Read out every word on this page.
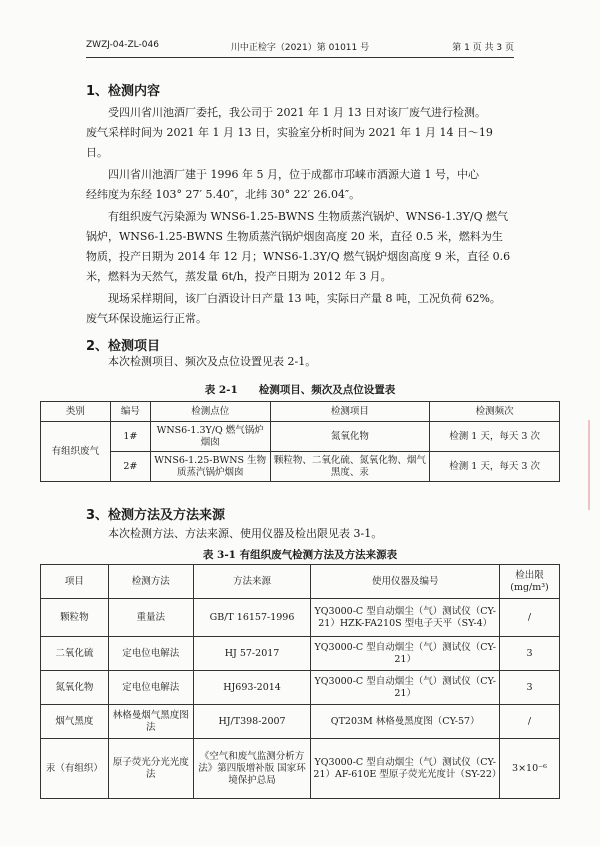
ZWZJ-04-ZL-046	川中正检字（2021）第 01011 号	第 1 页 共 3 页
1、检测内容
　　受四川省川池酒厂委托，我公司于 2021 年 1 月 13 日对该厂废气进行检测。
废气采样时间为 2021 年 1 月 13 日，实验室分析时间为 2021 年 1 月 14 日～19
日。
　　四川省川池酒厂建于 1996 年 5 月，位于成都市邛崃市酒源大道 1 号，中心
经纬度为东经 103° 27′ 5.40″，北纬 30° 22′ 26.04″。
　　有组织废气污染源为 WNS6-1.25-BWNS 生物质蒸汽锅炉、WNS6-1.3Y/Q 燃气
锅炉，WNS6-1.25-BWNS 生物质蒸汽锅炉烟囱高度 20 米，直径 0.5 米，燃料为生
物质，投产日期为 2014 年 12 月；WNS6-1.3Y/Q 燃气锅炉烟囱高度 9 米，直径 0.6
米，燃料为天然气，蒸发量 6t/h，投产日期为 2012 年 3 月。
　　现场采样期间，该厂白酒设计日产量 13 吨，实际日产量 8 吨，工况负荷 62%。
废气环保设施运行正常。
2、检测项目
　　本次检测项目、频次及点位设置见表 2-1。
表 2-1　　检测项目、频次及点位设置表
类别	编号	检测点位	检测项目	检测频次
有组织废气	1#	WNS6-1.3Y/Q 燃气锅炉烟囱	氮氧化物	检测 1 天，每天 3 次
	2#	WNS6-1.25-BWNS 生物质蒸汽锅炉烟囱	颗粒物、二氧化硫、氮氧化物、烟气黑度、汞	检测 1 天，每天 3 次
3、检测方法及方法来源
　　本次检测方法、方法来源、使用仪器及检出限见表 3-1。
表 3-1 有组织废气检测方法及方法来源表
项目	检测方法	方法来源	使用仪器及编号	检出限
(mg/m³)
颗粒物	重量法	GB/T 16157-1996	YQ3000-C 型自动烟尘（气）测试仪（CY-21）HZK-FA210S 型电子天平（SY-4）	/
二氧化硫	定电位电解法	HJ 57-2017	YQ3000-C 型自动烟尘（气）测试仪（CY-21）	3
氮氧化物	定电位电解法	HJ693-2014	YQ3000-C 型自动烟尘（气）测试仪（CY-21）	3
烟气黑度	林格曼烟气黑度图法	HJ/T398-2007	QT203M 林格曼黑度图（CY-57）	/
汞（有组织）	原子荧光分光光度法	《空气和废气监测分析方法》第四版增补版 国家环境保护总局	YQ3000-C 型自动烟尘（气）测试仪（CY-21）AF-610E 型原子荧光光度计（SY-22）	3×10⁻⁶
